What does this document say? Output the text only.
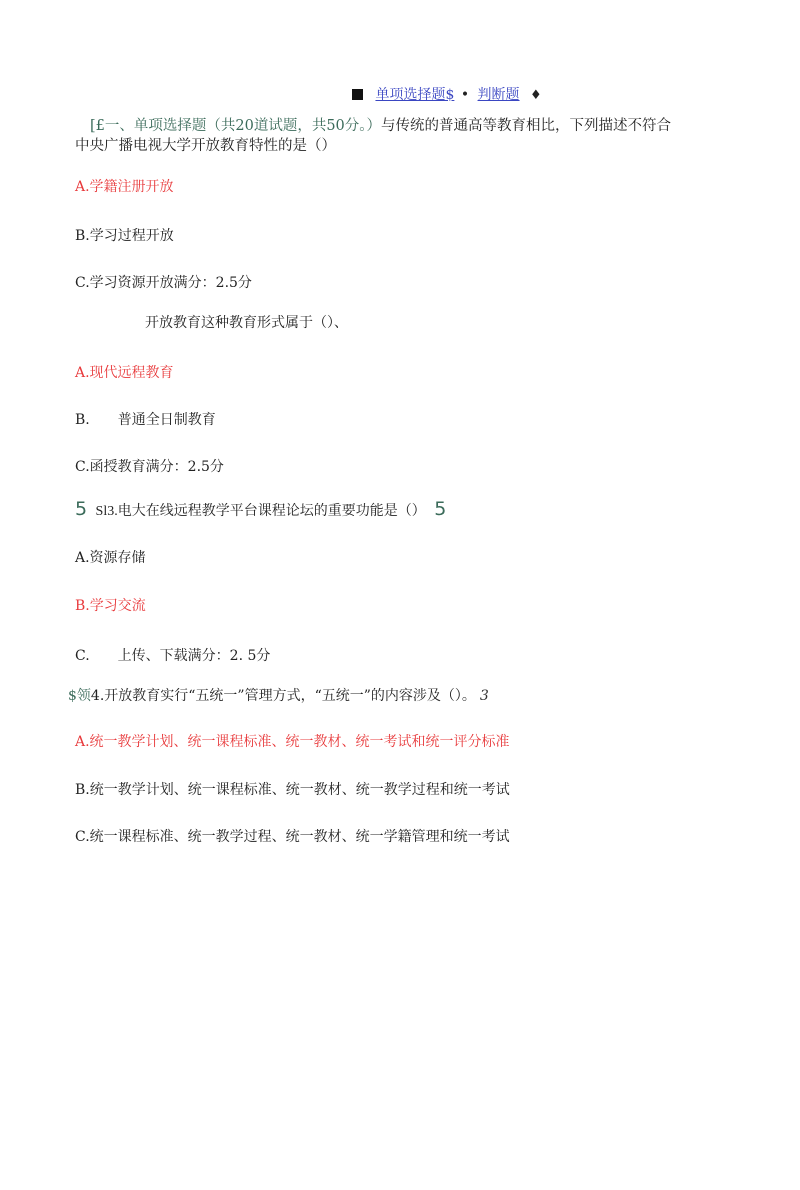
单项选择题$ • 判断题 ♦
[£一、单项选择题（共20道试题，共50分。）与传统的普通高等教育相比，下列描述不符合
中央广播电视大学开放教育特性的是（）
A.学籍注册开放
B.学习过程开放
C.学习资源开放满分：2.5分
开放教育这种教育形式属于（）、
A.现代远程教育
B. 普通全日制教育
C.函授教育满分：2.5分
5 Sl3.电大在线远程教学平台课程论坛的重要功能是（） 5
A.资源存储
B.学习交流
C. 上传、下载满分：2. 5分
$领4.开放教育实行“五统一”管理方式，“五统一”的内容涉及（）。 3
A.统一教学计划、统一课程标准、统一教材、统一考试和统一评分标准
B.统一教学计划、统一课程标准、统一教材、统一教学过程和统一考试
C.统一课程标准、统一教学过程、统一教材、统一学籍管理和统一考试
